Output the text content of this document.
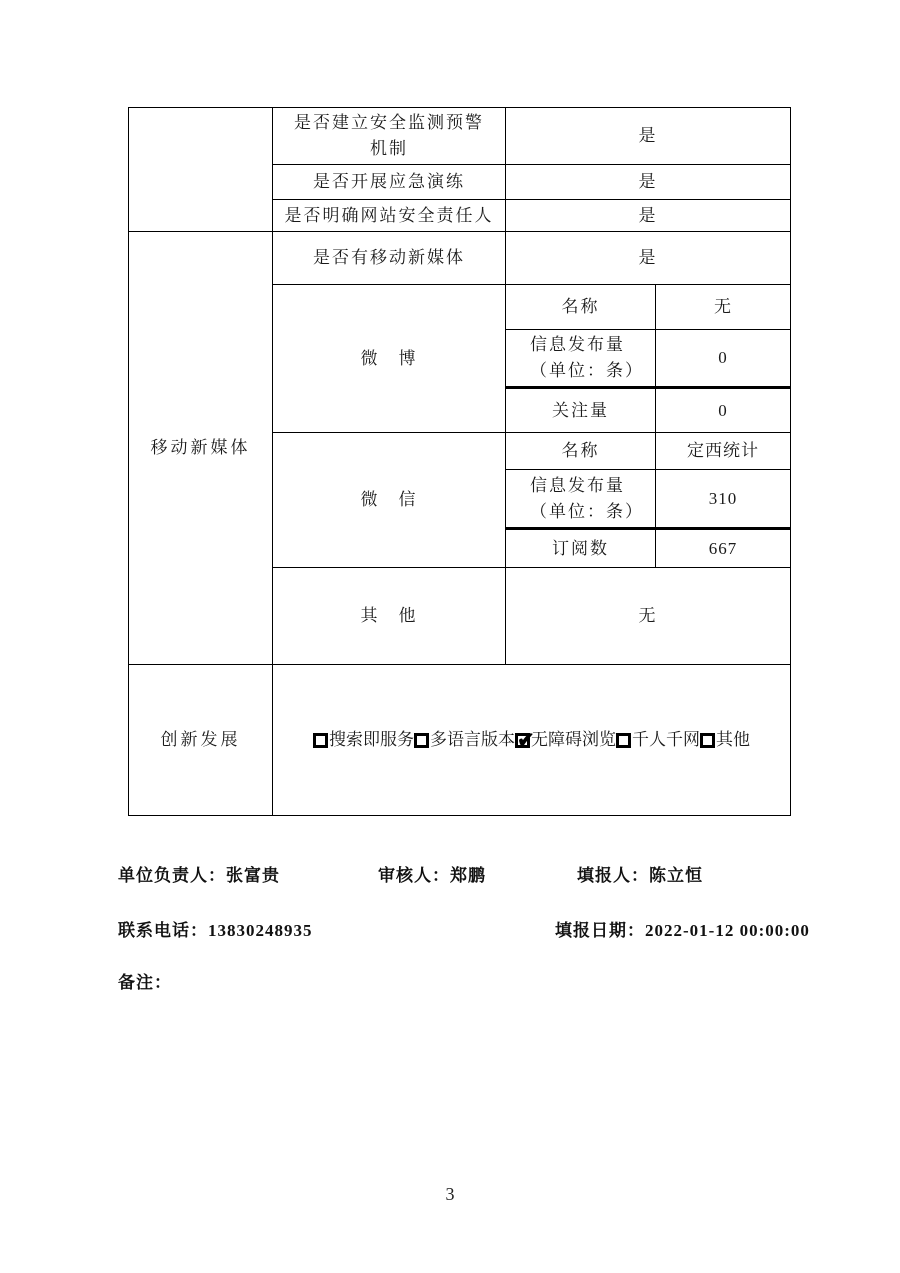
	是否建立安全监测预警
机制	是	
	是否开展应急演练	是	
	是否明确网站安全责任人	是	
移动新媒体	是否有移动新媒体	是	
	微　博	名称	无
		信息发布量
（单位：条）	0
		关注量	0
	微　信	名称	定西统计
		信息发布量
（单位：条）	310
		订阅数	667
	其　他	无	
创新发展	搜索即服务 多语言版本 ✔ 无障碍浏览 千人千网 其他
单位负责人：张富贵	审核人：郑鹏	填报人：陈立恒
联系电话：13830248935	填报日期：2022-01-12 00:00:00
备注：
3
